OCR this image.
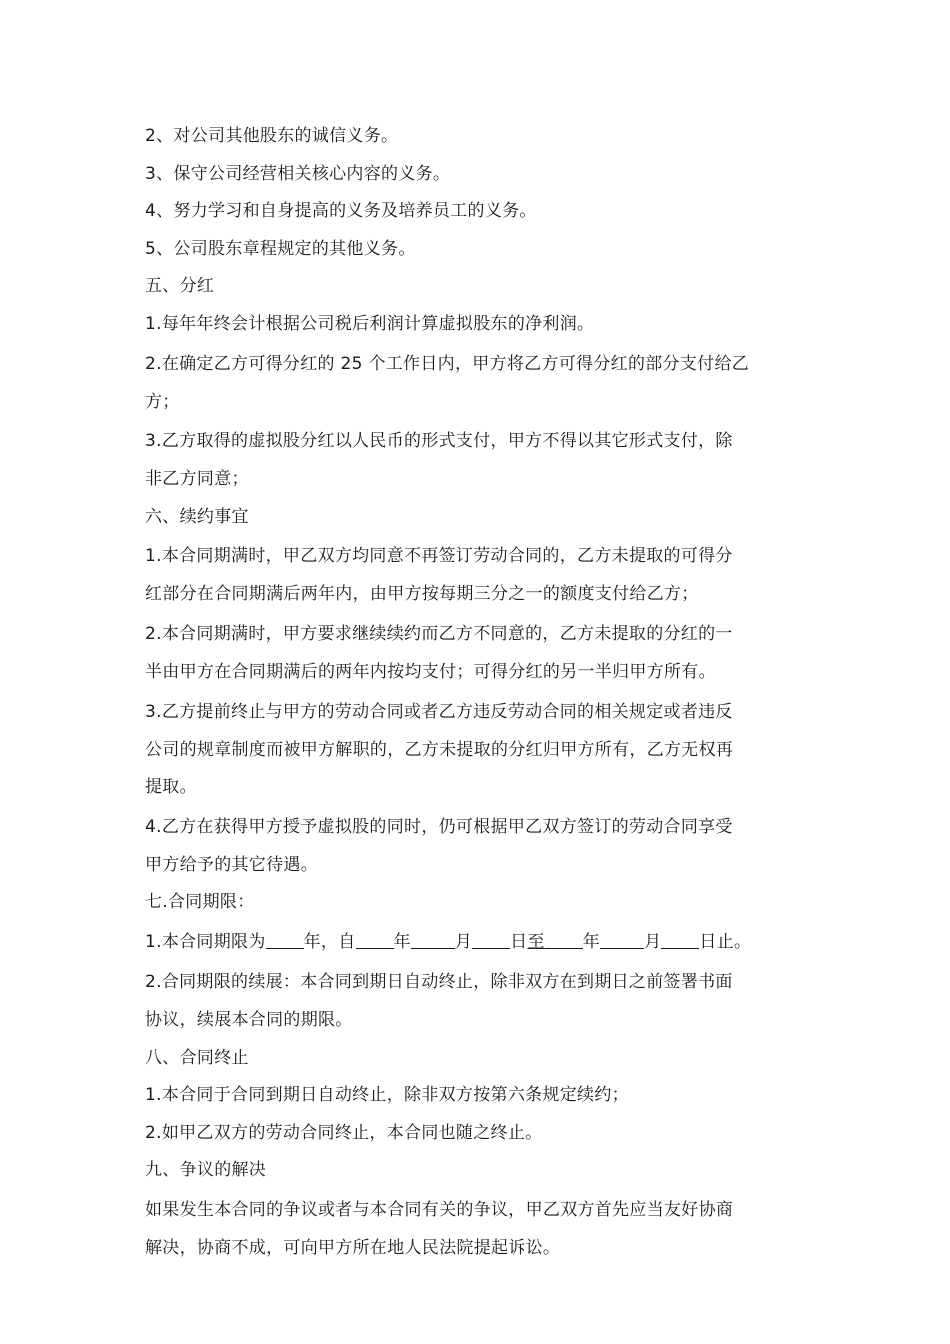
2、对公司其他股东的诚信义务。
3、保守公司经营相关核心内容的义务。
4、努力学习和自身提高的义务及培养员工的义务。
5、公司股东章程规定的其他义务。
五、分红
1.每年年终会计根据公司税后利润计算虚拟股东的净利润。
2.在确定乙方可得分红的 25 个工作日内，甲方将乙方可得分红的部分支付给乙
方；
3.乙方取得的虚拟股分红以人民币的形式支付，甲方不得以其它形式支付，除
非乙方同意；
六、续约事宜
1.本合同期满时，甲乙双方均同意不再签订劳动合同的，乙方未提取的可得分
红部分在合同期满后两年内，由甲方按每期三分之一的额度支付给乙方；
2.本合同期满时，甲方要求继续续约而乙方不同意的，乙方未提取的分红的一
半由甲方在合同期满后的两年内按均支付；可得分红的另一半归甲方所有。
3.乙方提前终止与甲方的劳动合同或者乙方违反劳动合同的相关规定或者违反
公司的规章制度而被甲方解职的，乙方未提取的分红归甲方所有，乙方无权再
提取。
4.乙方在获得甲方授予虚拟股的同时，仍可根据甲乙双方签订的劳动合同享受
甲方给予的其它待遇。
七.合同期限：
1.本合同期限为 年，自 年	月 日至 年	月 日止。
2.合同期限的续展：本合同到期日自动终止，除非双方在到期日之前签署书面
协议，续展本合同的期限。
八、合同终止
1.本合同于合同到期日自动终止，除非双方按第六条规定续约；
2.如甲乙双方的劳动合同终止，本合同也随之终止。
九、争议的解决
如果发生本合同的争议或者与本合同有关的争议，甲乙双方首先应当友好协商
解决，协商不成，可向甲方所在地人民法院提起诉讼。
